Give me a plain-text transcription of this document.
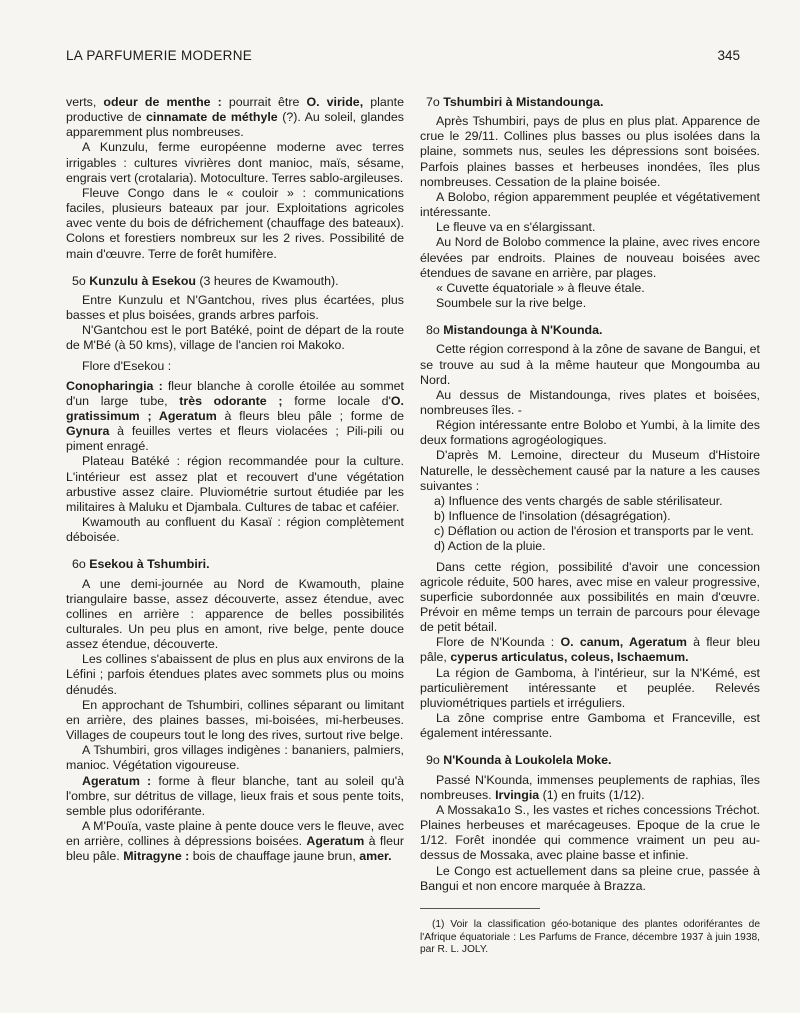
LA PARFUMERIE MODERNE	345

verts, odeur de menthe : pourrait être O. viride, plante productive de cinnamate de méthyle (?). Au soleil, glandes apparemment plus nombreuses.

A Kunzulu, ferme européenne moderne avec terres irrigables : cultures vivrières dont manioc, maïs, sésame, engrais vert (crotalaria). Motoculture. Terres sablo-argileuses.

Fleuve Congo dans le « couloir » : communications faciles, plusieurs bateaux par jour. Exploitations agricoles avec vente du bois de défrichement (chauffage des bateaux). Colons et forestiers nombreux sur les 2 rives. Possibilité de main d'œuvre. Terre de forêt humifère.

5o Kunzulu à Esekou (3 heures de Kwamouth).

Entre Kunzulu et N'Gantchou, rives plus écartées, plus basses et plus boisées, grands arbres parfois.

N'Gantchou est le port Batéké, point de départ de la route de M'Bé (à 50 kms), village de l'ancien roi Makoko.

Flore d'Esekou :

Conopharingia : fleur blanche à corolle étoilée au sommet d'un large tube, très odorante ; forme locale d'O. gratissimum ; Ageratum à fleurs bleu pâle ; forme de Gynura à feuilles vertes et fleurs violacées ; Pili-pili ou piment enragé.

Plateau Batéké : région recommandée pour la culture. L'intérieur est assez plat et recouvert d'une végétation arbustive assez claire. Pluviométrie surtout étudiée par les militaires à Maluku et Djambala. Cultures de tabac et caféier.

Kwamouth au confluent du Kasaï : région complètement déboisée.

6o Esekou à Tshumbiri.

A une demi-journée au Nord de Kwamouth, plaine triangulaire basse, assez découverte, assez étendue, avec collines en arrière : apparence de belles possibilités culturales. Un peu plus en amont, rive belge, pente douce assez étendue, découverte.

Les collines s'abaissent de plus en plus aux environs de la Léfini ; parfois étendues plates avec sommets plus ou moins dénudés.

En approchant de Tshumbiri, collines séparant ou limitant en arrière, des plaines basses, mi-boisées, mi-herbeuses. Villages de coupeurs tout le long des rives, surtout rive belge.

A Tshumbiri, gros villages indigènes : bananiers, palmiers, manioc. Végétation vigoureuse.

Ageratum : forme à fleur blanche, tant au soleil qu'à l'ombre, sur détritus de village, lieux frais et sous pente toits, semble plus odoriférante.

A M'Pouïa, vaste plaine à pente douce vers le fleuve, avec en arrière, collines à dépressions boisées. Ageratum à fleur bleu pâle. Mitragyne : bois de chauffage jaune brun, amer.

7o Tshumbiri à Mistandounga.

Après Tshumbiri, pays de plus en plus plat. Apparence de crue le 29/11. Collines plus basses ou plus isolées dans la plaine, sommets nus, seules les dépressions sont boisées. Parfois plaines basses et herbeuses inondées, îles plus nombreuses. Cessation de la plaine boisée.

A Bolobo, région apparemment peuplée et végétativement intéressante.

Le fleuve va en s'élargissant.

Au Nord de Bolobo commence la plaine, avec rives encore élevées par endroits. Plaines de nouveau boisées avec étendues de savane en arrière, par plages.

« Cuvette équatoriale » à fleuve étale.

Soumbele sur la rive belge.

8o Mistandounga à N'Kounda.

Cette région correspond à la zône de savane de Bangui, et se trouve au sud à la même hauteur que Mongoumba au Nord.

Au dessus de Mistandounga, rives plates et boisées, nombreuses îles. -

Région intéressante entre Bolobo et Yumbi, à la limite des deux formations agrogéologiques.

D'après M. Lemoine, directeur du Museum d'Histoire Naturelle, le dessèchement causé par la nature a les causes suivantes :

a) Influence des vents chargés de sable stérilisateur.

b) Influence de l'insolation (désagrégation).

c) Déflation ou action de l'érosion et transports par le vent.

d) Action de la pluie.

Dans cette région, possibilité d'avoir une concession agricole réduite, 500 hares, avec mise en valeur progressive, superficie subordonnée aux possibilités en main d'œuvre. Prévoir en même temps un terrain de parcours pour élevage de petit bétail.

Flore de N'Kounda : O. canum, Ageratum à fleur bleu pâle, cyperus articulatus, coleus, Ischaemum.

La région de Gamboma, à l'intérieur, sur la N'Kémé, est particulièrement intéressante et peuplée. Relevés pluviométriques partiels et irréguliers.

La zône comprise entre Gamboma et Franceville, est également intéressante.

9o N'Kounda à Loukolela Moke.

Passé N'Kounda, immenses peuplements de raphias, îles nombreuses. Irvingia (1) en fruits (1/12).

A Mossaka1o S., les vastes et riches concessions Tréchot. Plaines herbeuses et marécageuses. Epoque de la crue le 1/12. Forêt inondée qui commence vraiment un peu au-dessus de Mossaka, avec plaine basse et infinie.

Le Congo est actuellement dans sa pleine crue, passée à Bangui et non encore marquée à Brazza.

(1) Voir la classification géo-botanique des plantes odoriférantes de l'Afrique équatoriale : Les Parfums de France, décembre 1937 à juin 1938, par R. L. JOLY.
